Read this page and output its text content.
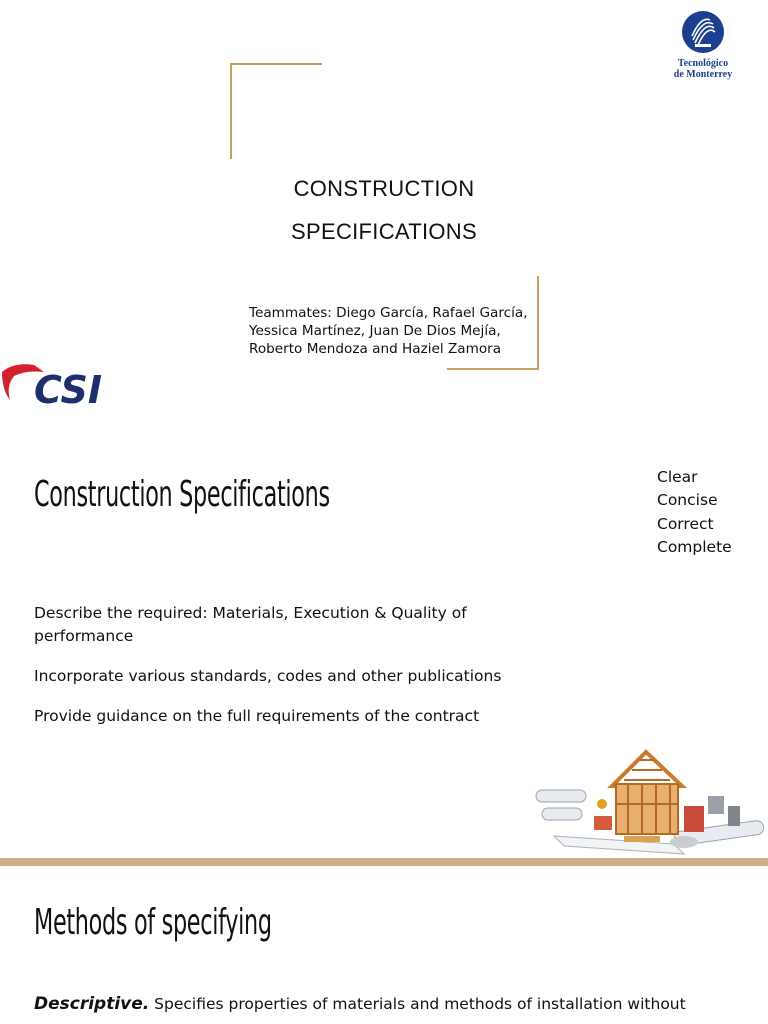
Tecnológico
de Monterrey
CONSTRUCTION
SPECIFICATIONS
Teammates: Diego García, Rafael García,
Yessica Martínez, Juan De Dios Mejía,
Roberto Mendoza and Haziel Zamora
CSI
Construction Specifications	Clear
Concise
Correct
Complete

Describe the required: Materials, Execution & Quality of performance

Incorporate various standards, codes and other publications

Provide guidance on the full requirements of the contract

Methods of specifying
Descriptive. Specifies properties of materials and methods of installation without
